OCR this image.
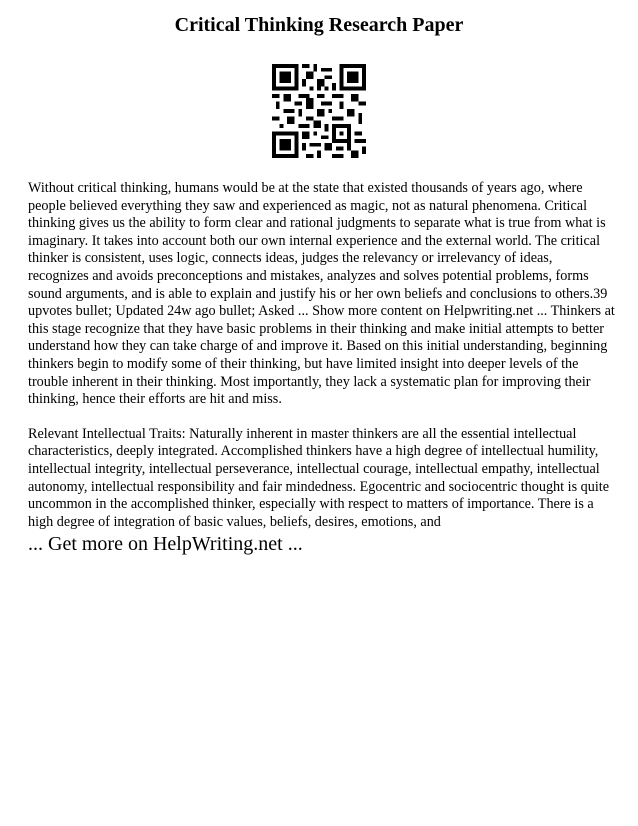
Critical Thinking Research Paper

Without critical thinking, humans would be at the state that existed thousands of years ago, where people believed everything they saw and experienced as magic, not as natural phenomena. Critical thinking gives us the ability to form clear and rational judgments to separate what is true from what is imaginary. It takes into account both our own internal experience and the external world. The critical thinker is consistent, uses logic, connects ideas, judges the relevancy or irrelevancy of ideas, recognizes and avoids preconceptions and mistakes, analyzes and solves potential problems, forms sound arguments, and is able to explain and justify his or her own beliefs and conclusions to others.39 upvotes bullet; Updated 24w ago bullet; Asked ... Show more content on Helpwriting.net ... Thinkers at this stage recognize that they have basic problems in their thinking and make initial attempts to better understand how they can take charge of and improve it. Based on this initial understanding, beginning thinkers begin to modify some of their thinking, but have limited insight into deeper levels of the trouble inherent in their thinking. Most importantly, they lack a systematic plan for improving their thinking, hence their efforts are hit and miss.

Relevant Intellectual Traits: Naturally inherent in master thinkers are all the essential intellectual characteristics, deeply integrated. Accomplished thinkers have a high degree of intellectual humility, intellectual integrity, intellectual perseverance, intellectual courage, intellectual empathy, intellectual autonomy, intellectual responsibility and fair mindedness. Egocentric and sociocentric thought is quite uncommon in the accomplished thinker, especially with respect to matters of importance. There is a high degree of integration of basic values, beliefs, desires, emotions, and

... Get more on HelpWriting.net ...
